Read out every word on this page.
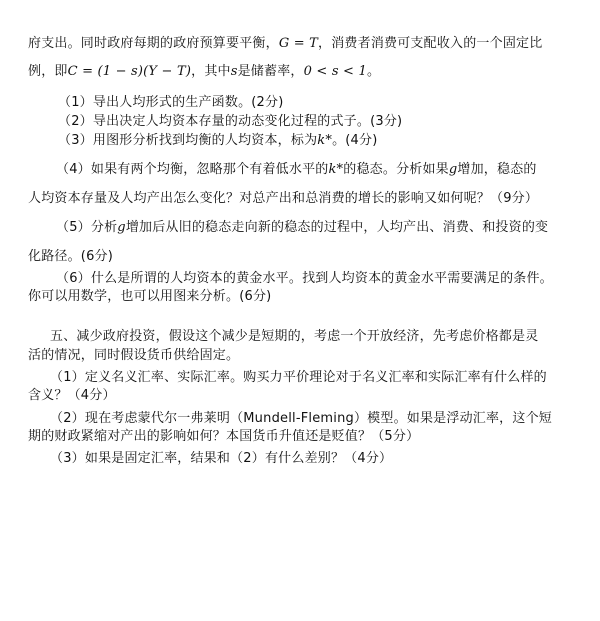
府支出。同时政府每期的政府预算要平衡，G = T，消费者消费可支配收入的一个固定比
例，即C = (1 − s)(Y − T)，其中s是储蓄率，0 < s < 1。
（1）导出人均形式的生产函数。(2分)
（2）导出决定人均资本存量的动态变化过程的式子。(3分)
（3）用图形分析找到均衡的人均资本，标为k*。(4分)
（4）如果有两个均衡，忽略那个有着低水平的k*的稳态。分析如果g增加，稳态的
人均资本存量及人均产出怎么变化？对总产出和总消费的增长的影响又如何呢？（9分）
（5）分析g增加后从旧的稳态走向新的稳态的过程中，人均产出、消费、和投资的变
化路径。(6分)
（6）什么是所谓的人均资本的黄金水平。找到人均资本的黄金水平需要满足的条件。
你可以用数学，也可以用图来分析。(6分)
五、减少政府投资，假设这个减少是短期的，考虑一个开放经济，先考虑价格都是灵
活的情况，同时假设货币供给固定。
（1）定义名义汇率、实际汇率。购买力平价理论对于名义汇率和实际汇率有什么样的
含义？（4分）
（2）现在考虑蒙代尔一弗莱明（Mundell-Fleming）模型。如果是浮动汇率，这个短
期的财政紧缩对产出的影响如何？本国货币升值还是贬值？（5分）
（3）如果是固定汇率，结果和（2）有什么差别？（4分）
